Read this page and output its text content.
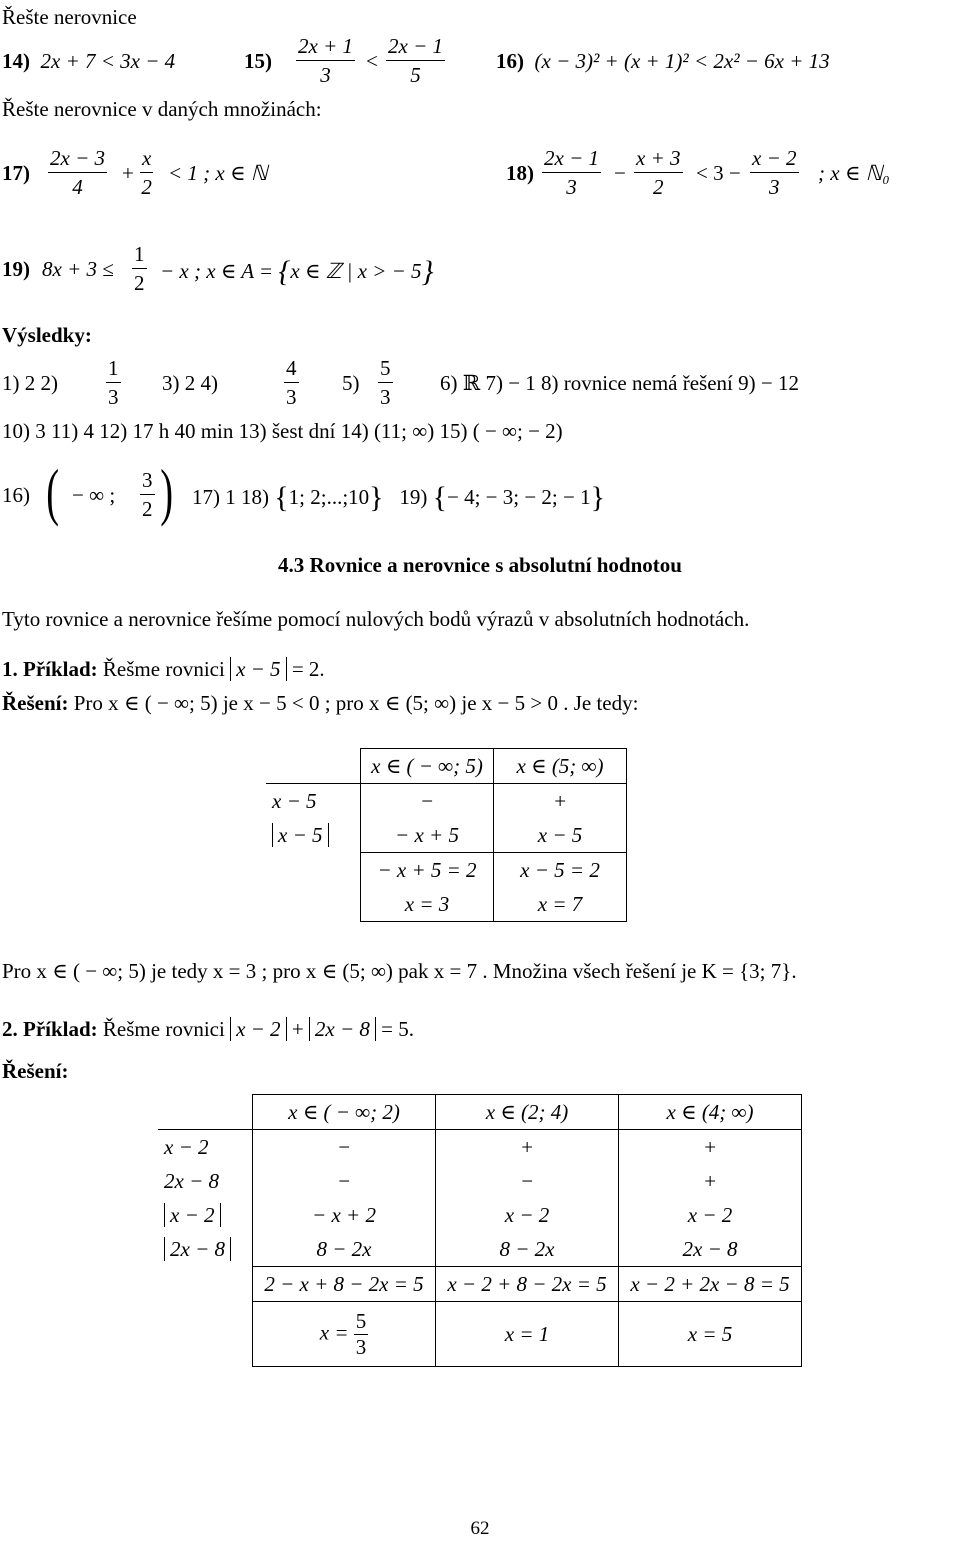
Řešte nerovnice
14) 2x + 7 < 3x − 4	$15) \frac{2x + 1}{3} < \frac{2x - 1}{5} 16$) (x − 3)² + (x + 1)² < 2x² − 6x + 13
Řešte nerovnice v daných množinách:
$17) \frac{2x - 3}{4} + \frac{x}{2} < 1$ ; x ∈ ℕ	$18) \frac{2x - 1}{3} - \frac{x + 3}{2} < 3 - \frac{x - 2}{3}$ ; x ∈ ℕ₀
19) $8x + 3 \le \frac{1}{2} - x$ ; x ∈ A = {x ∈ ℤ | x > − 5}
Výsledky:
1) 2 $2) \frac{1}{3} 3$) 2 4)	$\frac{4}{3} 5) \frac{5}{3} 6$) ℝ 7) − 1 8) rovnice nemá řešení 9) − 12
10) 3 11) 4 12) 17 h 40 min 13) šest dní 14) (11; ∞) 15) ( − ∞; − 2)
16) ( − ∞ ; $\frac{3}{2}$ ) 17) 1 18) {1; 2;...;10} 19) {− 4; − 3; − 2; − 1}
4.3 Rovnice a nerovnice s absolutní hodnotou
Tyto rovnice a nerovnice řešíme pomocí nulových bodů výrazů v absolutních hodnotách.
1. Příklad: Řešme rovnici x − 5 = 2.
Řešení: Pro x ∈ ( − ∞; 5) je x − 5 < 0 ; pro x ∈ (5; ∞) je x − 5 > 0 . Je tedy:
	x ∈ ( − ∞; 5)	x ∈ (5; ∞)
x − 5	−	+
x − 5	− x + 5	x − 5
	− x + 5 = 2	x − 5 = 2
	x = 3	x = 7
Pro x ∈ ( − ∞; 5) je tedy x = 3 ; pro x ∈ (5; ∞) pak x = 7 . Množina všech řešení je K = {3; 7}.
2. Příklad: Řešme rovnici x − 2 + 2x − 8 = 5.
Řešení:
	x ∈ ( − ∞; 2)	x ∈ (2; 4)	x ∈ (4; ∞)
x − 2	−	+	+
2x − 8	−	−	+
x − 2	− x + 2	x − 2	x − 2
2x − 8	8 − 2x	8 − 2x	2x − 8
	2 − x + 8 − 2x = 5	x − 2 + 8 − 2x = 5	x − 2 + 2x − 8 = 5
	$x = \frac{5}{3}$	x = 1	x = 5
62
